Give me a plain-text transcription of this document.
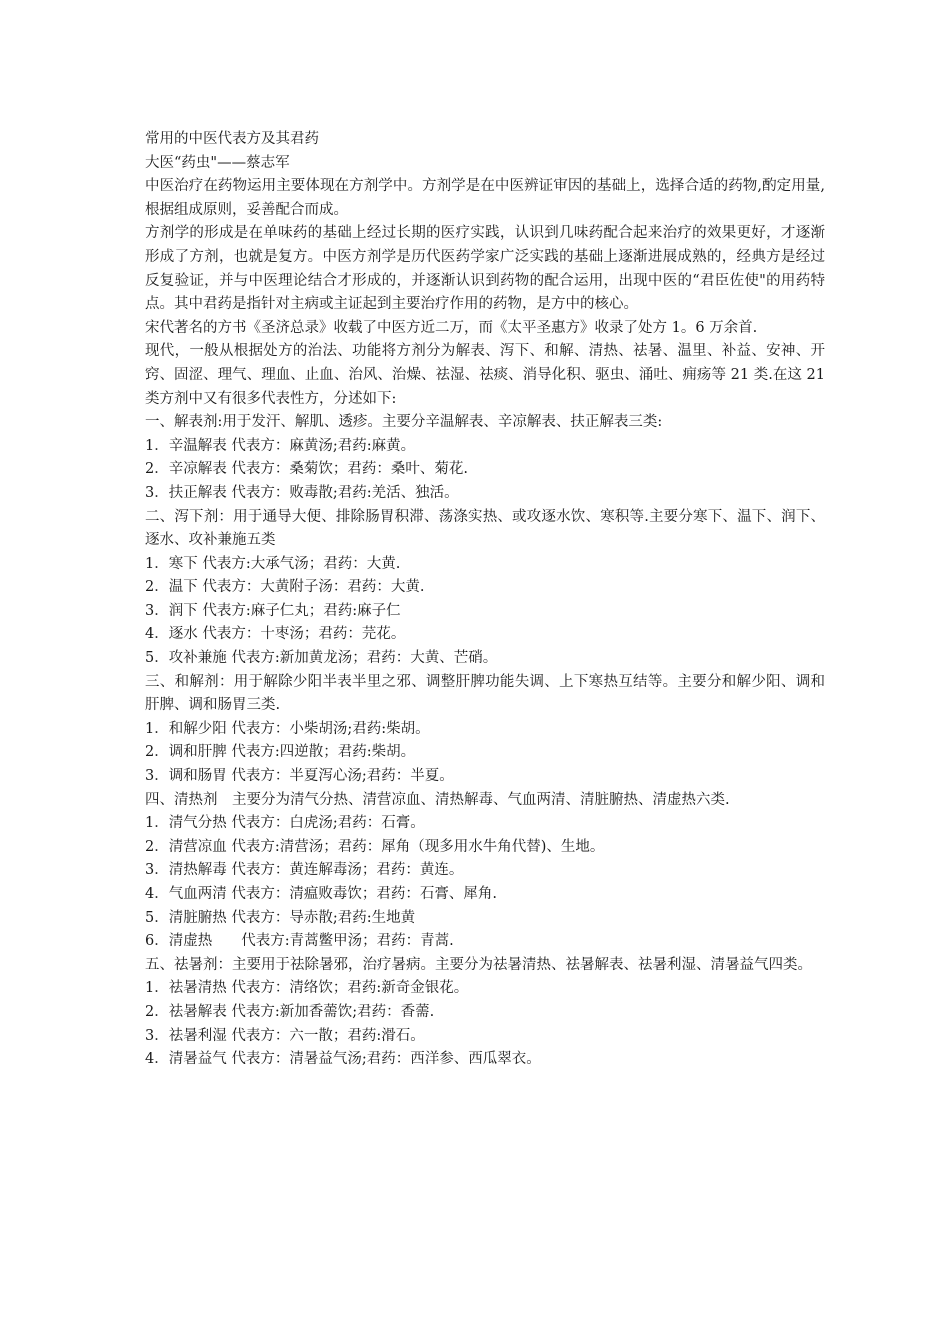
常用的中医代表方及其君药

大医“药虫"——蔡志军

中医治疗在药物运用主要体现在方剂学中。方剂学是在中医辨证审因的基础上，选择合适的药物,酌定用量,根据组成原则，妥善配合而成。

方剂学的形成是在单味药的基础上经过长期的医疗实践，认识到几味药配合起来治疗的效果更好，才逐渐形成了方剂，也就是复方。中医方剂学是历代医药学家广泛实践的基础上逐渐进展成熟的，经典方是经过反复验证，并与中医理论结合才形成的，并逐渐认识到药物的配合运用，出现中医的“君臣佐使"的用药特点。其中君药是指针对主病或主证起到主要治疗作用的药物，是方中的核心。

宋代著名的方书《圣济总录》收载了中医方近二万，而《太平圣惠方》收录了处方 1。6 万余首.

现代，一般从根据处方的治法、功能将方剂分为解表、泻下、和解、清热、祛暑、温里、补益、安神、开窍、固涩、理气、理血、止血、治风、治燥、祛湿、祛痰、消导化积、驱虫、涌吐、痈疡等 21 类.在这 21 类方剂中又有很多代表性方，分述如下:

一、解表剂:用于发汗、解肌、透疹。主要分辛温解表、辛凉解表、扶正解表三类:

1．辛温解表 代表方：麻黄汤;君药:麻黄。

2．辛凉解表 代表方：桑菊饮；君药：桑叶、菊花.

3．扶正解表 代表方：败毒散;君药:羌活、独活。

二、泻下剂：用于通导大便、排除肠胃积滞、荡涤实热、或攻逐水饮、寒积等.主要分寒下、温下、润下、逐水、攻补兼施五类

1．寒下 代表方:大承气汤；君药：大黄.

2．温下 代表方：大黄附子汤：君药：大黄.

3．润下 代表方:麻子仁丸；君药:麻子仁

4．逐水 代表方：十枣汤；君药：芫花。

5．攻补兼施 代表方:新加黄龙汤；君药：大黄、芒硝。

三、和解剂：用于解除少阳半表半里之邪、调整肝脾功能失调、上下寒热互结等。主要分和解少阳、调和肝脾、调和肠胃三类.

1．和解少阳 代表方：小柴胡汤;君药:柴胡。

2．调和肝脾 代表方:四逆散；君药:柴胡。

3．调和肠胃 代表方：半夏泻心汤;君药：半夏。

四、清热剂　主要分为清气分热、清营凉血、清热解毒、气血两清、清脏腑热、清虚热六类.

1．清气分热 代表方：白虎汤;君药：石膏。

2．清营凉血 代表方:清营汤；君药：犀角（现多用水牛角代替)、生地。

3．清热解毒 代表方：黄连解毒汤；君药：黄连。

4．气血两清 代表方：清瘟败毒饮；君药：石膏、犀角.

5．清脏腑热 代表方：导赤散;君药:生地黄

6．清虚热　　代表方:青蒿鳖甲汤；君药：青蒿.

五、祛暑剂：主要用于祛除暑邪，治疗暑病。主要分为祛暑清热、祛暑解表、祛暑利湿、清暑益气四类。

1．祛暑清热 代表方：清络饮；君药:新奇金银花。

2．祛暑解表 代表方:新加香薷饮;君药：香薷.

3．祛暑利湿 代表方：六一散；君药:滑石。

4．清暑益气 代表方：清暑益气汤;君药：西洋参、西瓜翠衣。
